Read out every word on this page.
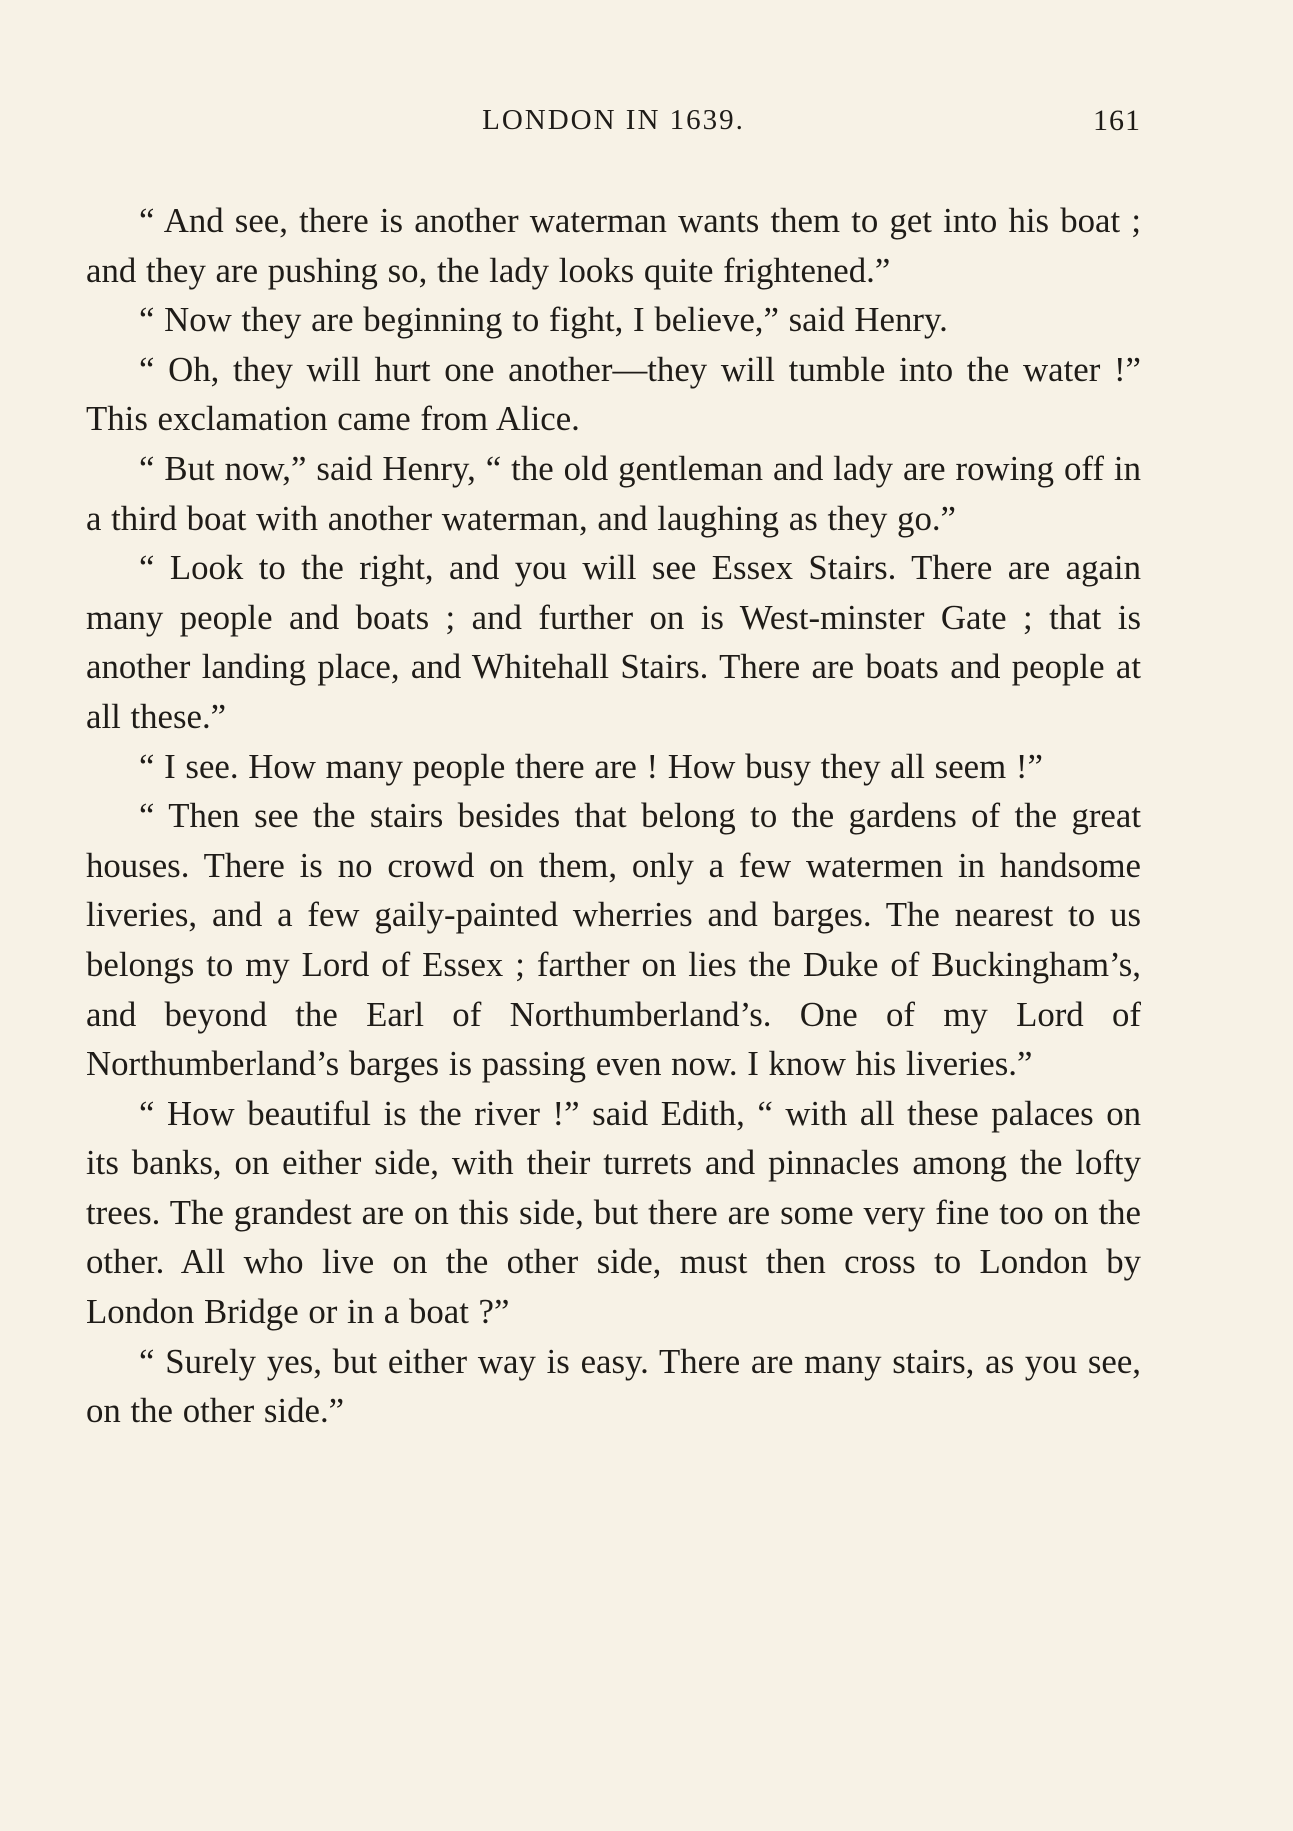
LONDON IN 1639.	161

“ And see, there is another waterman wants them to get into his boat ; and they are pushing so, the lady looks quite frightened.”

“ Now they are beginning to fight, I believe,” said Henry.

“ Oh, they will hurt one another—they will tumble into the water !” This exclamation came from Alice.

“ But now,” said Henry, “ the old gentleman and lady are rowing off in a third boat with another waterman, and laughing as they go.”

“ Look to the right, and you will see Essex Stairs. There are again many people and boats ; and further on is West-minster Gate ; that is another landing place, and Whitehall Stairs. There are boats and people at all these.”

“ I see. How many people there are ! How busy they all seem !”

“ Then see the stairs besides that belong to the gardens of the great houses. There is no crowd on them, only a few watermen in handsome liveries, and a few gaily-painted wherries and barges. The nearest to us belongs to my Lord of Essex ; farther on lies the Duke of Buckingham’s, and beyond the Earl of Northumberland’s. One of my Lord of Northumberland’s barges is passing even now. I know his liveries.”

“ How beautiful is the river !” said Edith, “ with all these palaces on its banks, on either side, with their turrets and pinnacles among the lofty trees. The grandest are on this side, but there are some very fine too on the other. All who live on the other side, must then cross to London by London Bridge or in a boat ?”

“ Surely yes, but either way is easy. There are many stairs, as you see, on the other side.”
